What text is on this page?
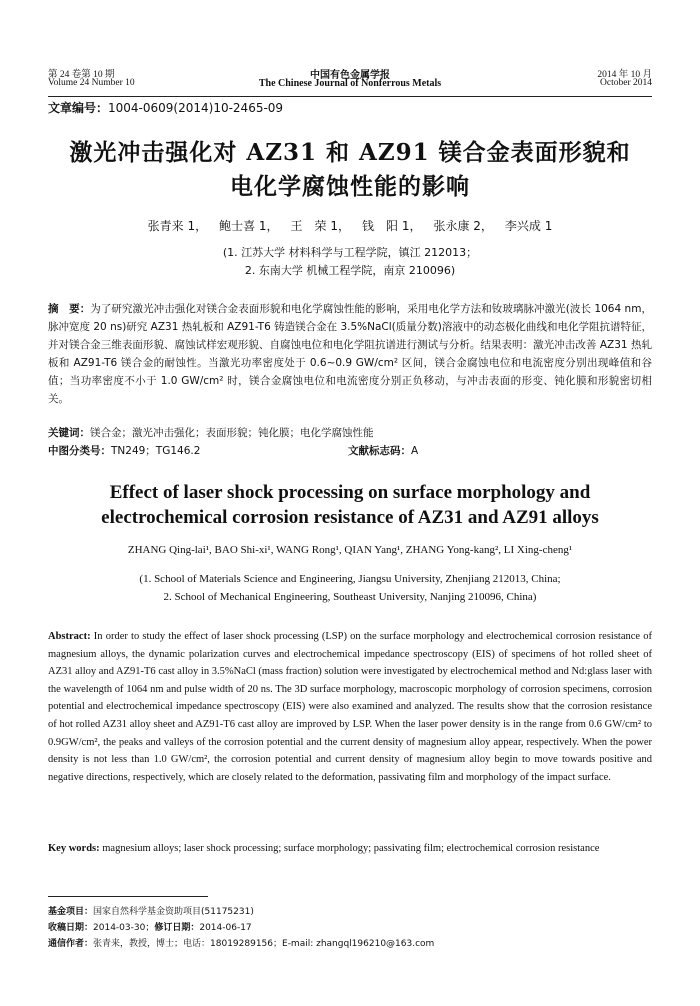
第 24 卷第 10 期
Volume 24 Number 10
中国有色金属学报
The Chinese Journal of Nonferrous Metals
2014 年 10 月
October 2014
文章编号：1004-0609(2014)10-2465-09
激光冲击强化对 AZ31 和 AZ91 镁合金表面形貌和电化学腐蚀性能的影响
张青来 1， 鲍士喜 1， 王　荣 1， 钱　阳 1， 张永康 2， 李兴成 1
(1. 江苏大学 材料科学与工程学院，镇江 212013；
2. 东南大学 机械工程学院，南京 210096)
摘　要：为了研究激光冲击强化对镁合金表面形貌和电化学腐蚀性能的影响，采用电化学方法和钕玻璃脉冲激光(波长 1064 nm，脉冲宽度 20 ns)研究 AZ31 热轧板和 AZ91-T6 铸造镁合金在 3.5%NaCl(质量分数)溶液中的动态极化曲线和电化学阻抗谱特征，并对镁合金三维表面形貌、腐蚀试样宏观形貌、自腐蚀电位和电化学阻抗谱进行测试与分析。结果表明：激光冲击改善 AZ31 热轧板和 AZ91-T6 镁合金的耐蚀性。当激光功率密度处于 0.6~0.9 GW/cm² 区间，镁合金腐蚀电位和电流密度分别出现峰值和谷值；当功率密度不小于 1.0 GW/cm² 时，镁合金腐蚀电位和电流密度分别正负移动，与冲击表面的形变、钝化膜和形貌密切相关。
关键词：镁合金；激光冲击强化；表面形貌；钝化膜；电化学腐蚀性能
中图分类号：TN249；TG146.2	文献标志码：A
Effect of laser shock processing on surface morphology and electrochemical corrosion resistance of AZ31 and AZ91 alloys
ZHANG Qing-lai¹, BAO Shi-xi¹, WANG Rong¹, QIAN Yang¹, ZHANG Yong-kang², LI Xing-cheng¹
(1. School of Materials Science and Engineering, Jiangsu University, Zhenjiang 212013, China;
2. School of Mechanical Engineering, Southeast University, Nanjing 210096, China)
Abstract: In order to study the effect of laser shock processing (LSP) on the surface morphology and electrochemical corrosion resistance of magnesium alloys, the dynamic polarization curves and electrochemical impedance spectroscopy (EIS) of specimens of hot rolled sheet of AZ31 alloy and AZ91-T6 cast alloy in 3.5%NaCl (mass fraction) solution were investigated by electrochemical method and Nd:glass laser with the wavelength of 1064 nm and pulse width of 20 ns. The 3D surface morphology, macroscopic morphology of corrosion specimens, corrosion potential and electrochemical impedance spectroscopy (EIS) were also examined and analyzed. The results show that the corrosion resistance of hot rolled AZ31 alloy sheet and AZ91-T6 cast alloy are improved by LSP. When the laser power density is in the range from 0.6 GW/cm² to 0.9GW/cm², the peaks and valleys of the corrosion potential and the current density of magnesium alloy appear, respectively. When the power density is not less than 1.0 GW/cm², the corrosion potential and current density of magnesium alloy begin to move towards positive and negative directions, respectively, which are closely related to the deformation, passivating film and morphology of the impact surface.
Key words: magnesium alloys; laser shock processing; surface morphology; passivating film; electrochemical corrosion resistance
基金项目：国家自然科学基金资助项目(51175231)
收稿日期：2014-03-30；修订日期：2014-06-17
通信作者：张青来，教授，博士；电话：18019289156；E-mail: zhangql196210@163.com
